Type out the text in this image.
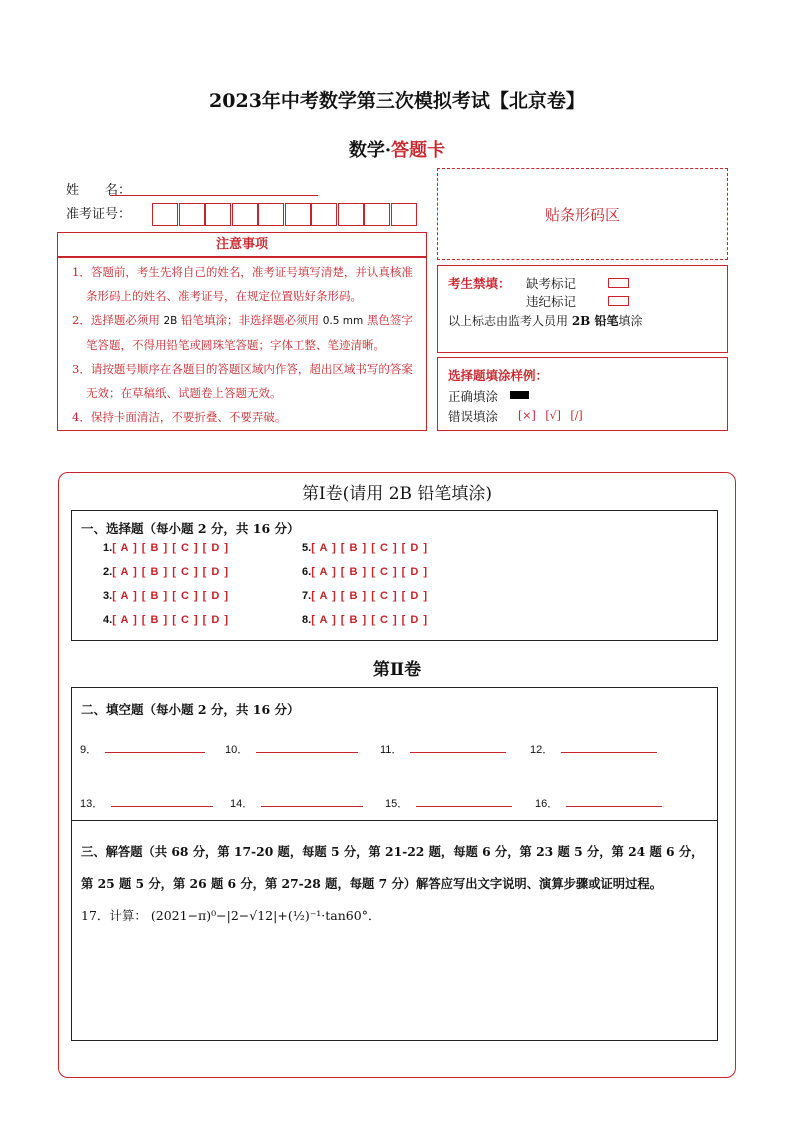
2023年中考数学第三次模拟考试【北京卷】
数学·答题卡
姓　　名：
准考证号：	贴条形码区
注意事项

1．答题前，考生先将自己的姓名，准考证号填写清楚，并认真核准条形码上的姓名、准考证号，在规定位置贴好条形码。

2．选择题必须用 2B 铅笔填涂；非选择题必须用 0.5 mm 黑色签字笔答题，不得用铅笔或圆珠笔答题；字体工整、笔迹清晰。

3．请按题号顺序在各题目的答题区域内作答，超出区域书写的答案无效；在草稿纸、试题卷上答题无效。

4．保持卡面清洁，不要折叠、不要弄破。

考生禁填： 缺考标记
违纪标记
以上标志由监考人员用 2B 铅笔填涂
选择题填涂样例：
正确填涂
错误填涂 [×] [√] [/]
第Ⅰ卷(请用 2B 铅笔填涂)
一、选择题（每小题 2 分，共 16 分）
第Ⅱ卷
二、填空题（每小题 2 分，共 16 分）
三、解答题（共 68 分，第 17-20 题，每题 5 分，第 21-22 题，每题 6 分，第 23 题 5 分，第 24 题 6 分，
第 25 题 5 分，第 26 题 6 分，第 27-28 题，每题 7 分）解答应写出文字说明、演算步骤或证明过程。
17．计算： (2021−π)⁰−|2−√12|+(½)⁻¹·tan60°．
1.[ A ] [ B ] [ C ] [ D ]
2.[ A ] [ B ] [ C ] [ D ]
3.[ A ] [ B ] [ C ] [ D ]
4.[ A ] [ B ] [ C ] [ D ]
5.[ A ] [ B ] [ C ] [ D ]
6.[ A ] [ B ] [ C ] [ D ]
7.[ A ] [ B ] [ C ] [ D ]
8.[ A ] [ B ] [ C ] [ D ]
9．	10．	11．	12．
13．	14．	15．	16．
